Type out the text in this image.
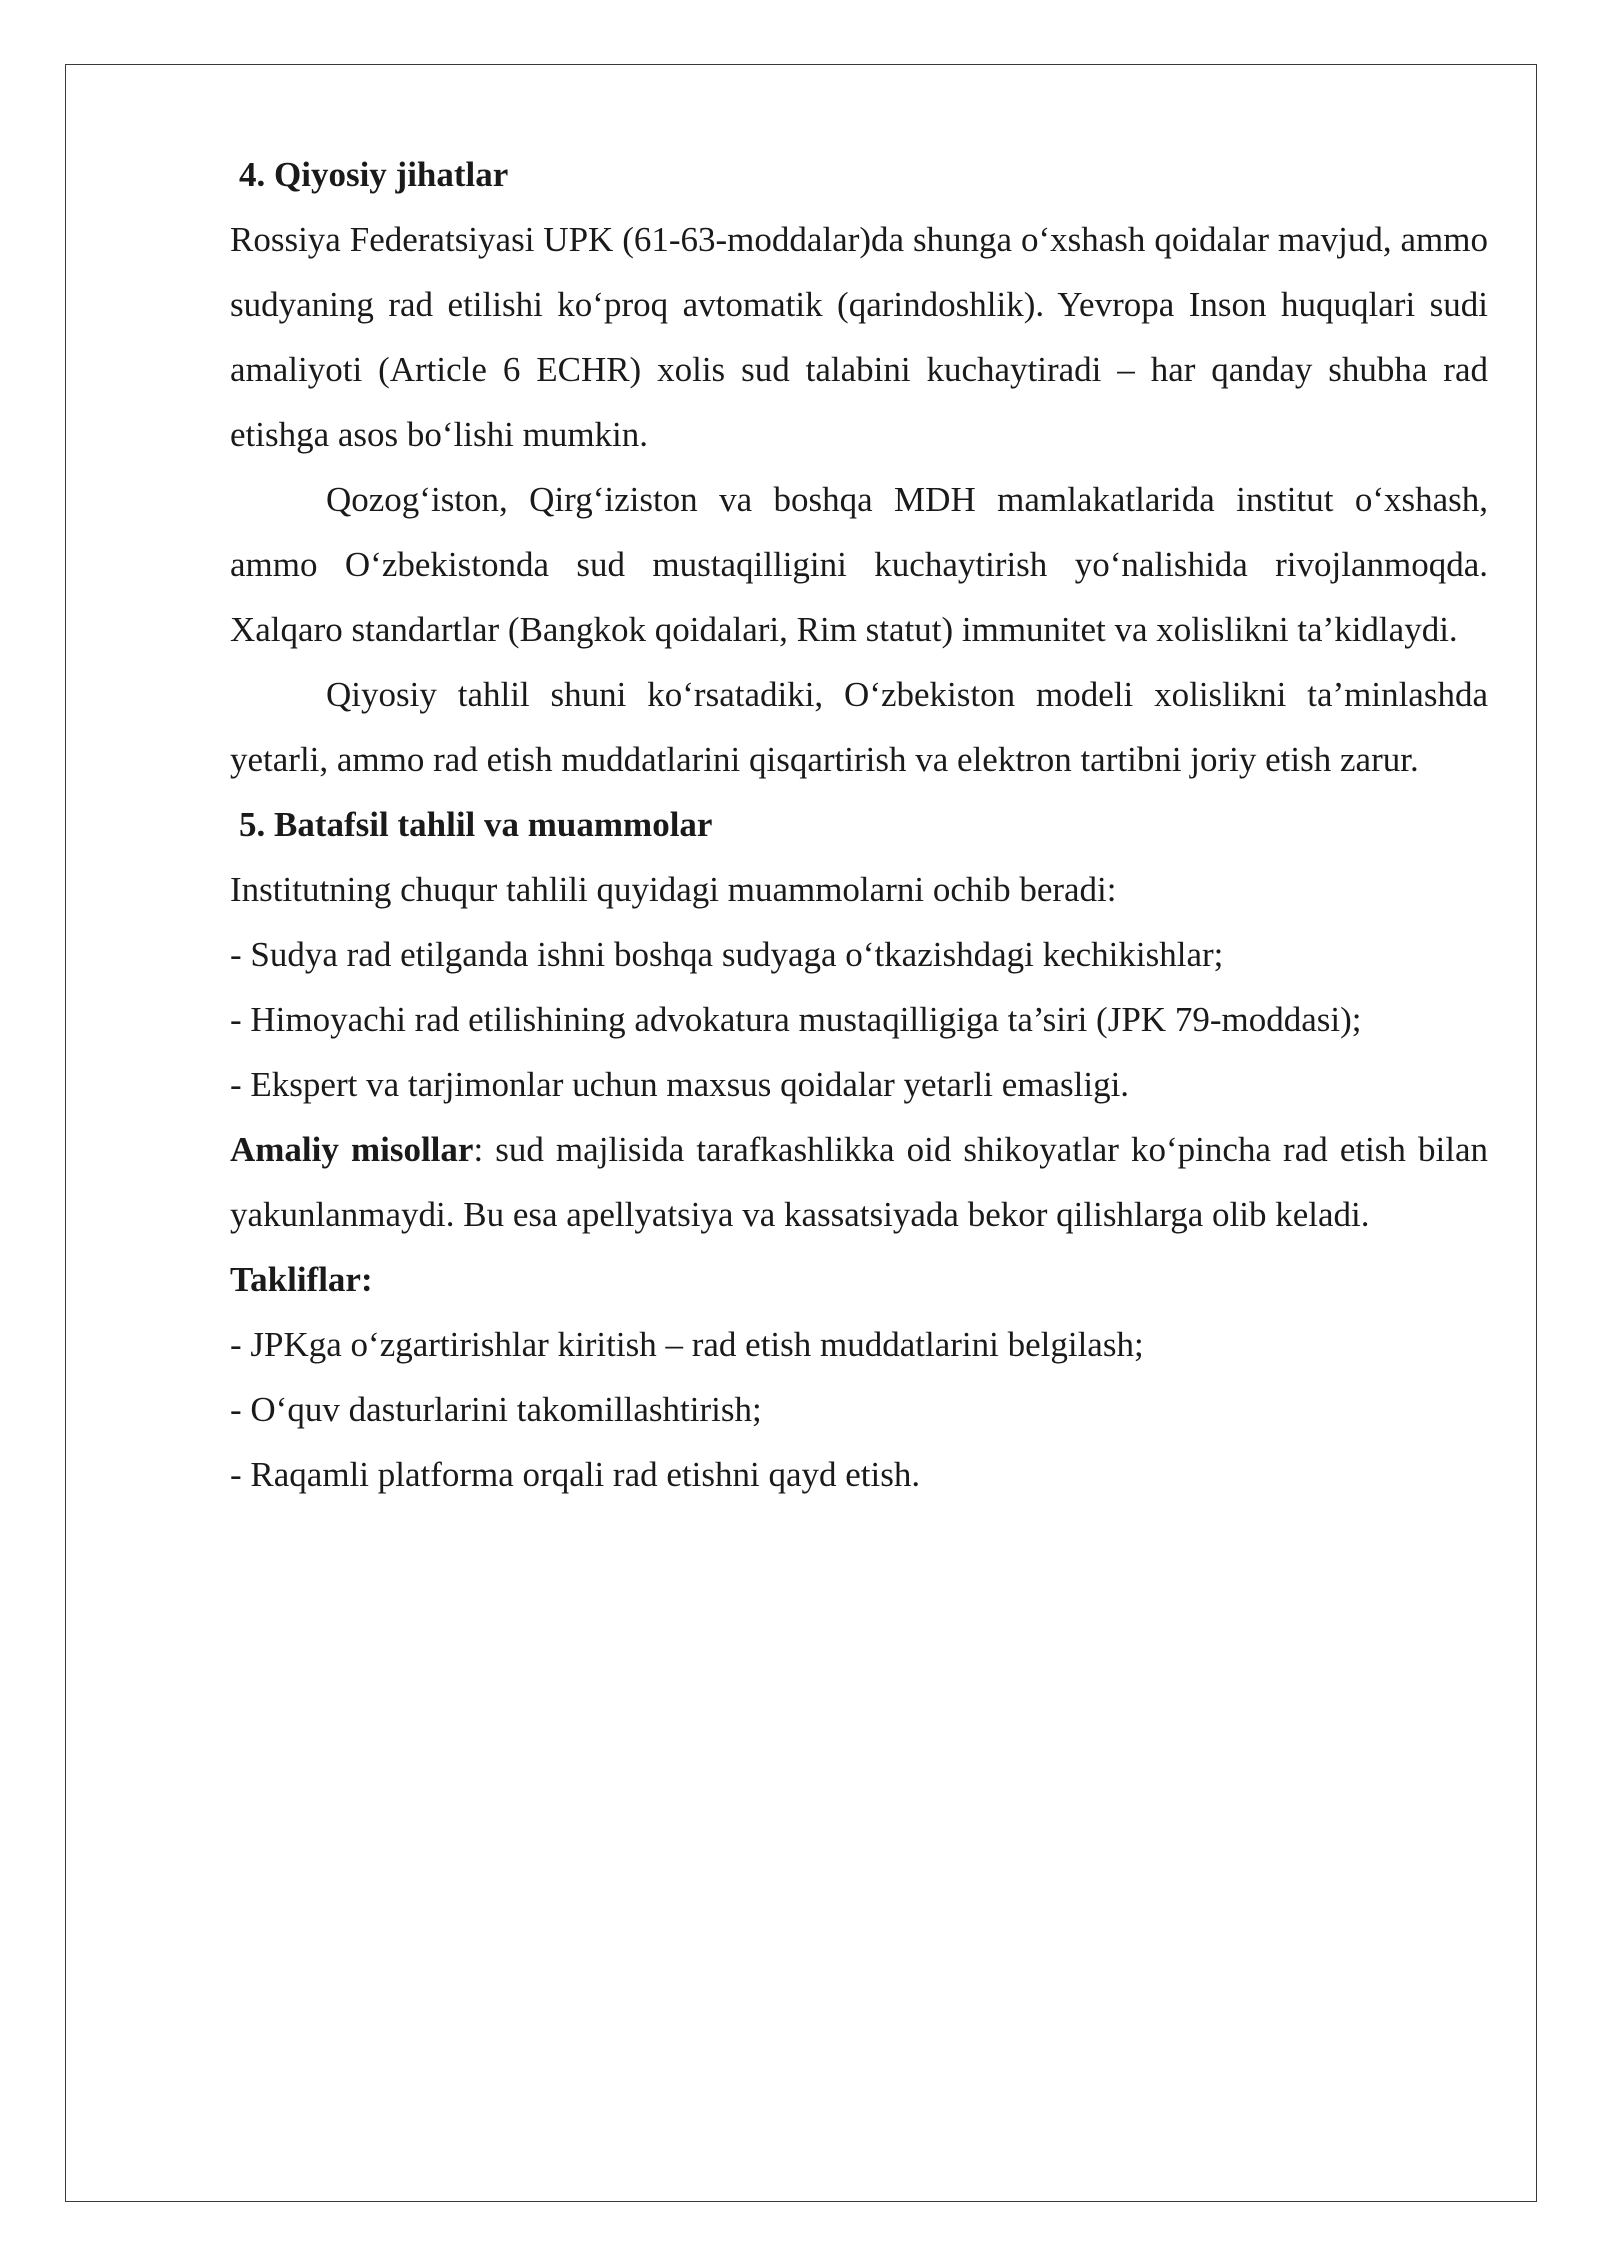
4. Qiyosiy jihatlar

Rossiya Federatsiyasi UPK (61-63-moddalar)da shunga o‘xshash qoidalar mavjud, ammo sudyaning rad etilishi ko‘proq avtomatik (qarindoshlik). Yevropa Inson huquqlari sudi amaliyoti (Article 6 ECHR) xolis sud talabini kuchaytiradi – har qanday shubha rad etishga asos bo‘lishi mumkin.

Qozog‘iston, Qirg‘iziston va boshqa MDH mamlakatlarida institut o‘xshash, ammo O‘zbekistonda sud mustaqilligini kuchaytirish yo‘nalishida rivojlanmoqda. Xalqaro standartlar (Bangkok qoidalari, Rim statut) immunitet va xolislikni ta’kidlaydi.

Qiyosiy tahlil shuni ko‘rsatadiki, O‘zbekiston modeli xolislikni ta’minlashda yetarli, ammo rad etish muddatlarini qisqartirish va elektron tartibni joriy etish zarur.

5. Batafsil tahlil va muammolar

Institutning chuqur tahlili quyidagi muammolarni ochib beradi:

- Sudya rad etilganda ishni boshqa sudyaga o‘tkazishdagi kechikishlar;

- Himoyachi rad etilishining advokatura mustaqilligiga ta’siri (JPK 79-moddasi);

- Ekspert va tarjimonlar uchun maxsus qoidalar yetarli emasligi.

Amaliy misollar: sud majlisida tarafkashlikka oid shikoyatlar ko‘pincha rad etish bilan yakunlanmaydi. Bu esa apellyatsiya va kassatsiyada bekor qilishlarga olib keladi.

Takliflar:

- JPKga o‘zgartirishlar kiritish – rad etish muddatlarini belgilash;

- O‘quv dasturlarini takomillashtirish;

- Raqamli platforma orqali rad etishni qayd etish.
